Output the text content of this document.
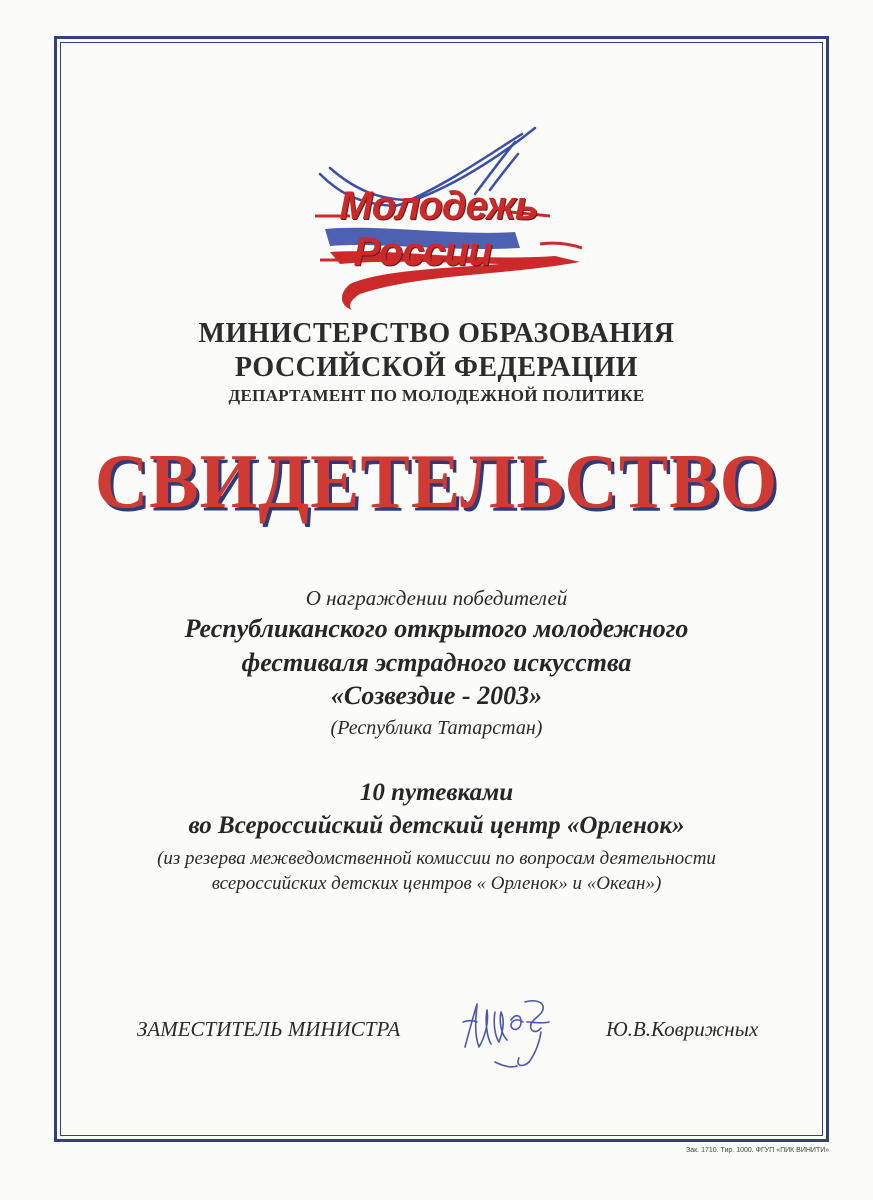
Молодежь
России
МИНИСТЕРСТВО ОБРАЗОВАНИЯ
РОССИЙСКОЙ ФЕДЕРАЦИИ
ДЕПАРТАМЕНТ ПО МОЛОДЕЖНОЙ ПОЛИТИКЕ
СВИДЕТЕЛЬСТВО
О награждении победителей
Республиканского открытого молодежного
фестиваля эстрадного искусства
«Созвездие - 2003»
(Республика Татарстан)
10 путевками
во Всероссийский детский центр «Орленок»
(из резерва межведомственной комиссии по вопросам деятельности
всероссийских детских центров « Орленок» и «Океан»)
ЗАМЕСТИТЕЛЬ МИНИСТРА	Ю.В.Коврижных
Зак. 1710. Тир. 1000. ФГУП «ПИК ВИНИТИ»
